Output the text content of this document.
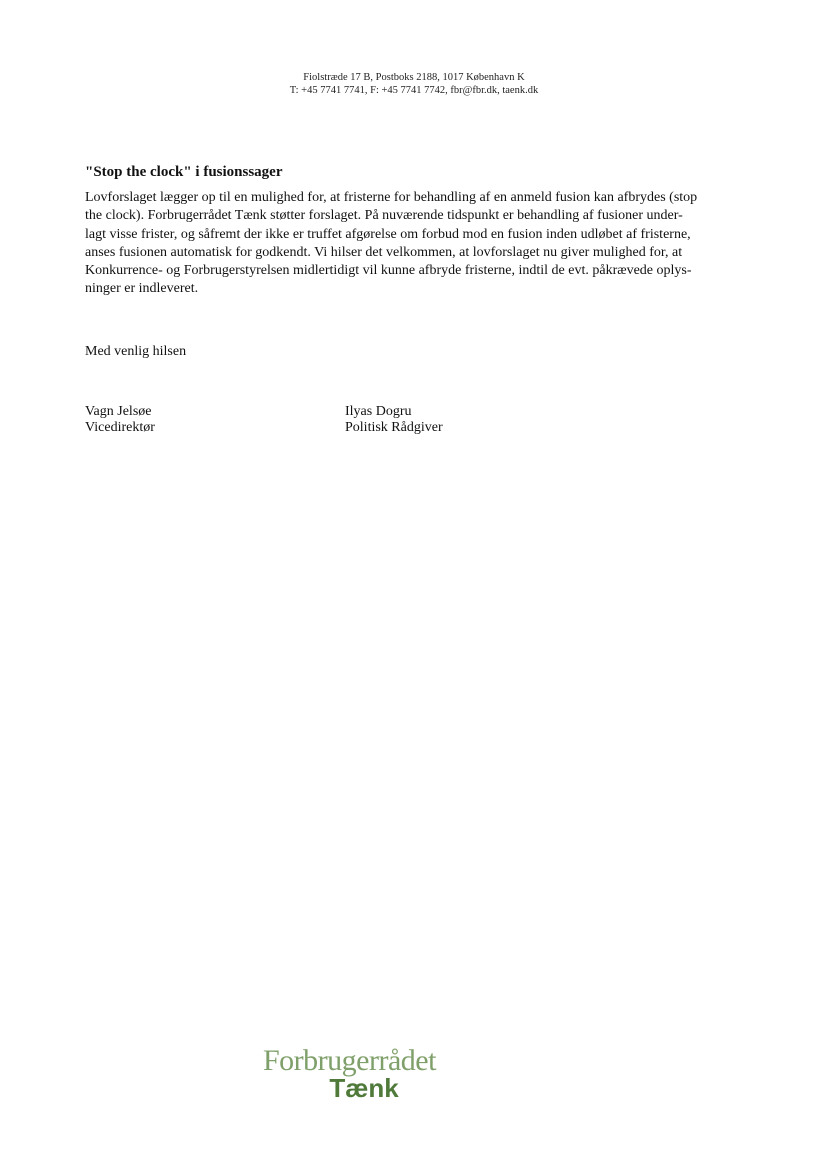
Fiolstræde 17 B, Postboks 2188, 1017 København K
T: +45 7741 7741, F: +45 7741 7742, fbr@fbr.dk, taenk.dk
"Stop the clock" i fusionssager
Lovforslaget lægger op til en mulighed for, at fristerne for behandling af en anmeld fusion kan afbrydes (stop
the clock). Forbrugerrådet Tænk støtter forslaget. På nuværende tidspunkt er behandling af fusioner under-
lagt visse frister, og såfremt der ikke er truffet afgørelse om forbud mod en fusion inden udløbet af fristerne,
anses fusionen automatisk for godkendt. Vi hilser det velkommen, at lovforslaget nu giver mulighed for, at
Konkurrence- og Forbrugerstyrelsen midlertidigt vil kunne afbryde fristerne, indtil de evt. påkrævede oplys-
ninger er indleveret.
Med venlig hilsen
Vagn Jelsøe
Vicedirektør
Ilyas Dogru
Politisk Rådgiver
Forbrugerrådet
Tænk
